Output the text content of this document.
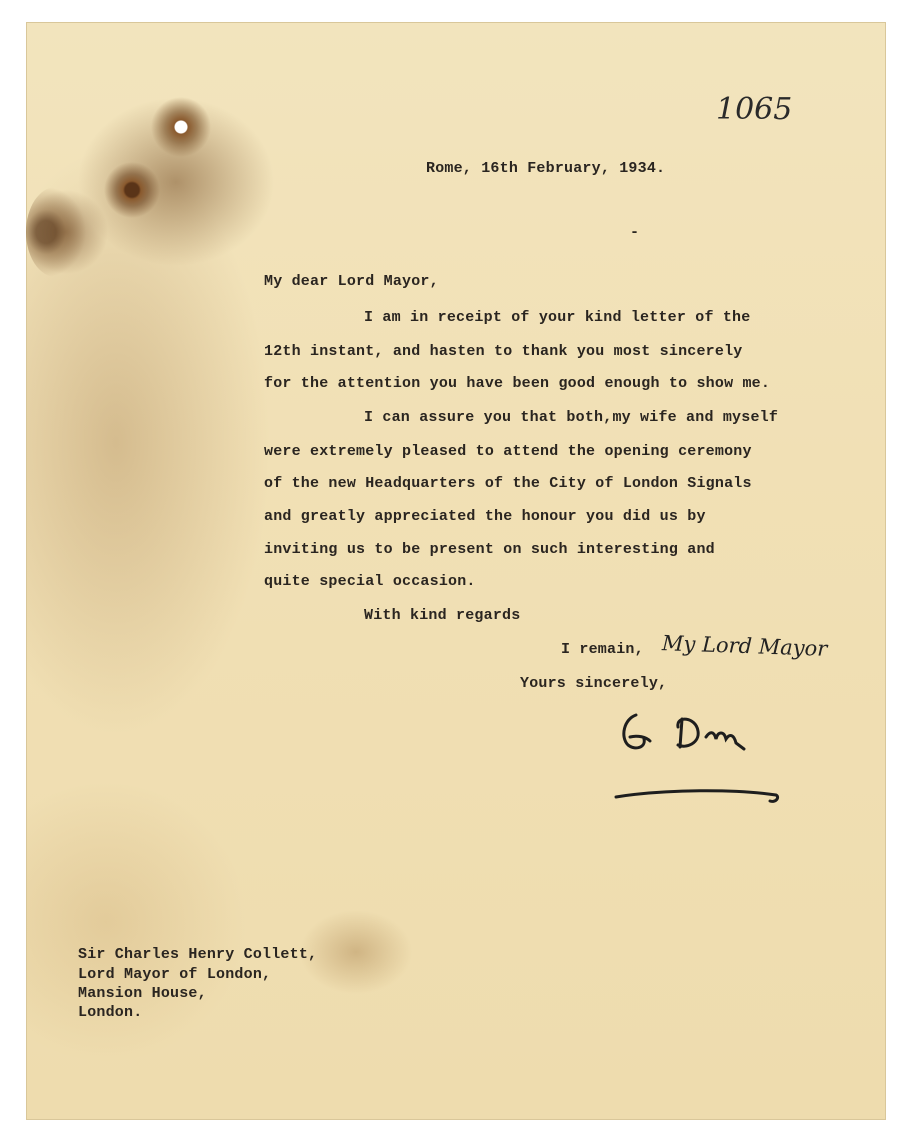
1065
Rome, 16th February, 1934.
-
My dear Lord Mayor,
I am in receipt of your kind letter of the
12th instant, and hasten to thank you most sincerely
for the attention you have been good enough to show me.
I can assure you that both,my wife and myself
were extremely pleased to attend the opening ceremony
of the new Headquarters of the City of London Signals
and greatly appreciated the honour you did us by
inviting us to be present on such interesting and
quite special occasion.
With kind regards
I remain, My Lord Mayor
Yours sincerely,
Sir Charles Henry Collett,
Lord Mayor of London,
Mansion House,
London.
